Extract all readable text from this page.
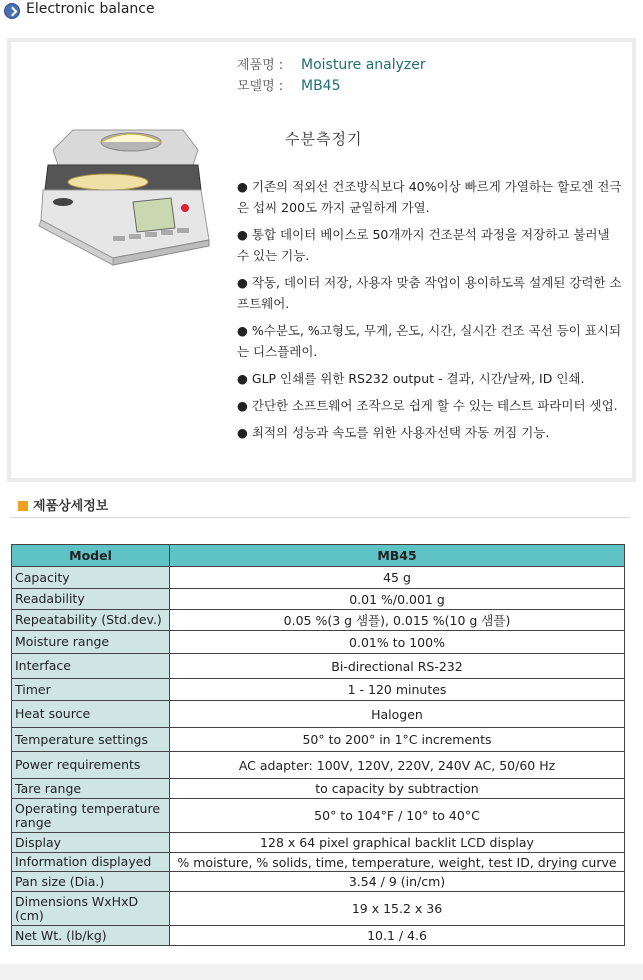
Electronic balance
제품명 : Moisture analyzer
모델명 : MB45
수분측정기

● 기존의 적외선 건조방식보다 40%이상 빠르게 가열하는 할로겐 전극은 섭씨 200도 까지 균일하게 가열.

● 통합 데이터 베이스로 50개까지 건조분석 과정을 저장하고 불러낼 수 있는 기능.

● 작동, 데이터 저장, 사용자 맞춤 작업이 용이하도록 설계된 강력한 소프트웨어.

● %수분도, %고형도, 무게, 온도, 시간, 실시간 건조 곡선 등이 표시되는 디스플레이.

● GLP 인쇄를 위한 RS232 output - 결과, 시간/날짜, ID 인쇄.

● 간단한 소프트웨어 조작으로 쉽게 할 수 있는 테스트 파라미터 셋업.

● 최적의 성능과 속도를 위한 사용자선택 자동 꺼짐 기능.

제품상세정보
Model	MB45
Capacity	45 g
Readability	0.01 %/0.001 g
Repeatability (Std.dev.)	0.05 %(3 g 샘플), 0.015 %(10 g 샘플)
Moisture range	0.01% to 100%
Interface	Bi-directional RS-232
Timer	1 - 120 minutes
Heat source	Halogen
Temperature settings	50° to 200° in 1°C increments
Power requirements	AC adapter: 100V, 120V, 220V, 240V AC, 50/60 Hz
Tare range	to capacity by subtraction
Operating temperature range	50° to 104°F / 10° to 40°C
Display	128 x 64 pixel graphical backlit LCD display
Information displayed	% moisture, % solids, time, temperature, weight, test ID, drying curve
Pan size (Dia.)	3.54 / 9 (in/cm)
Dimensions WxHxD (cm)	19 x 15.2 x 36
Net Wt. (lb/kg)	10.1 / 4.6
